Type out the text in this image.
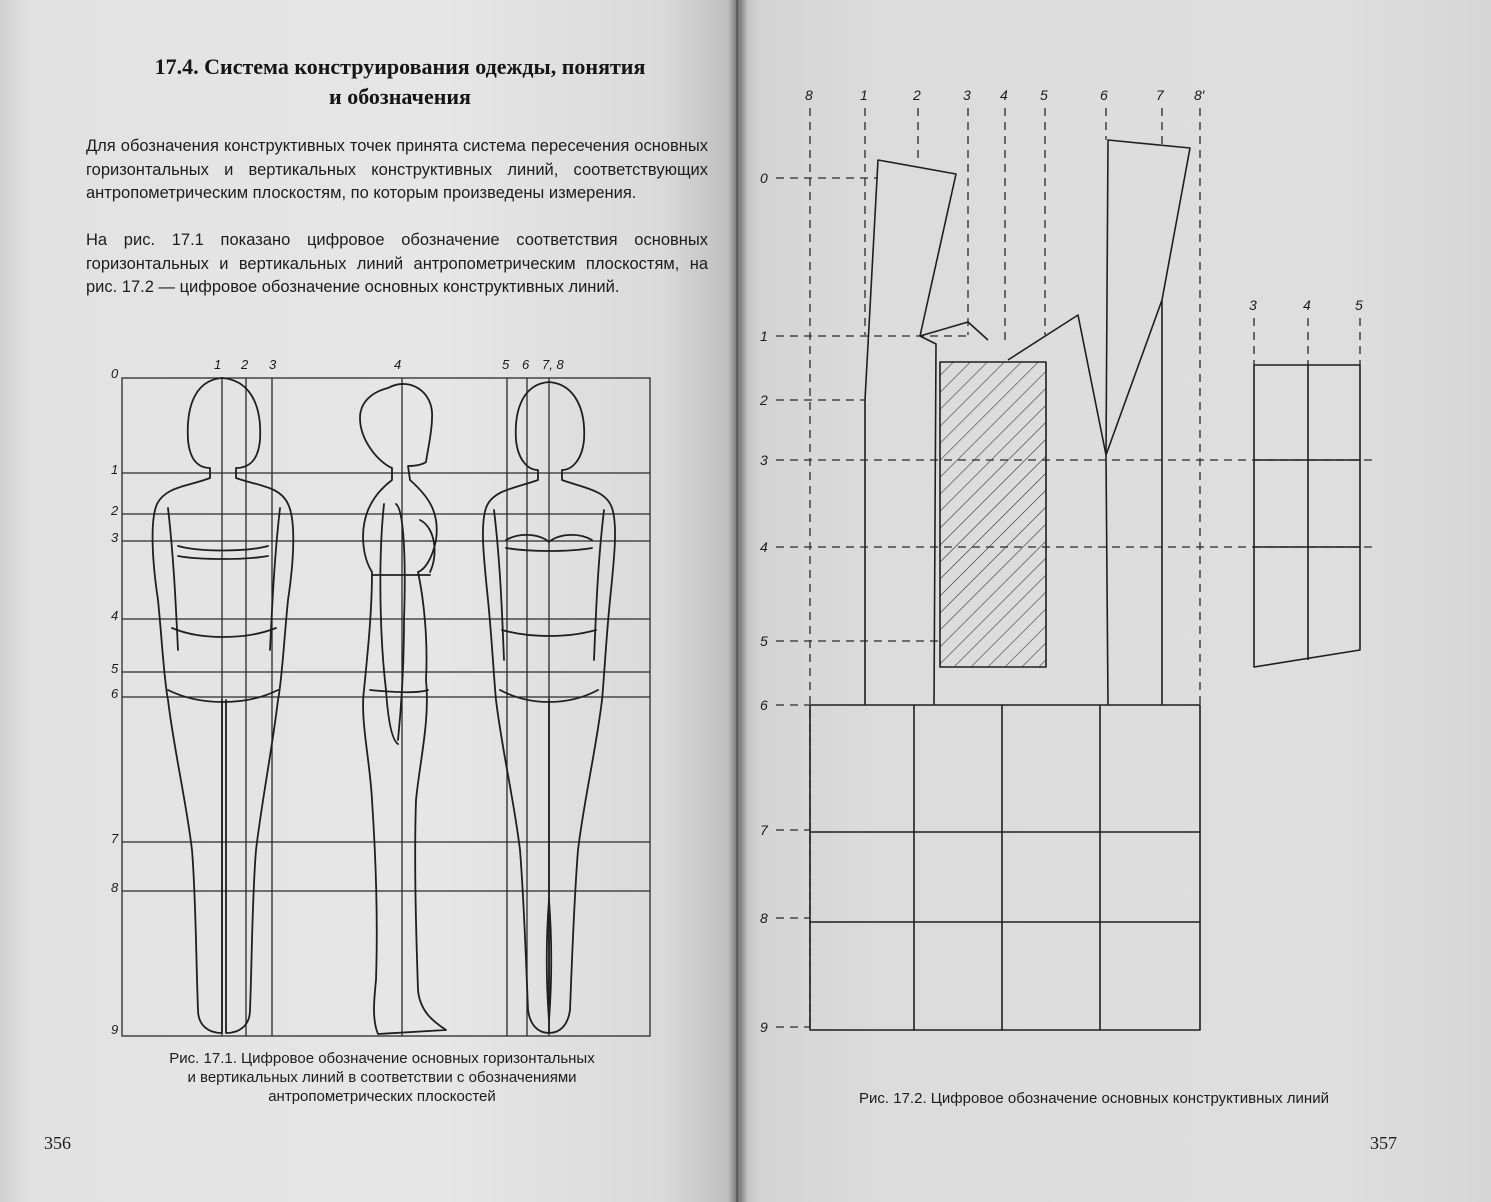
17.4. Система конструирования одежды, понятия
и обозначения

Для обозначения конструктивных точек принята система пересечения основных горизонтальных и вертикальных конструктивных линий, соответствующих антропометрическим плоскостям, по которым произведены измерения.

На рис. 17.1 показано цифровое обозначение соответствия основных горизонтальных и вертикальных линий антропометрическим плоскостям, на рис. 17.2 — цифровое обозначение основных конструктивных линий.

1 2 3	4	5 6 7, 8
0
1
2
3
4
5
6
7
8
9
Рис. 17.1. Цифровое обозначение основных горизонтальных
и вертикальных линий в соответствии с обозначениями
антропометрических плоскостей
356
8	1	2	3 4 5	6	7 8′
0
1
2
3
4
5
6
7
8
9
3	4	5
Рис. 17.2. Цифровое обозначение основных конструктивных линий
357
